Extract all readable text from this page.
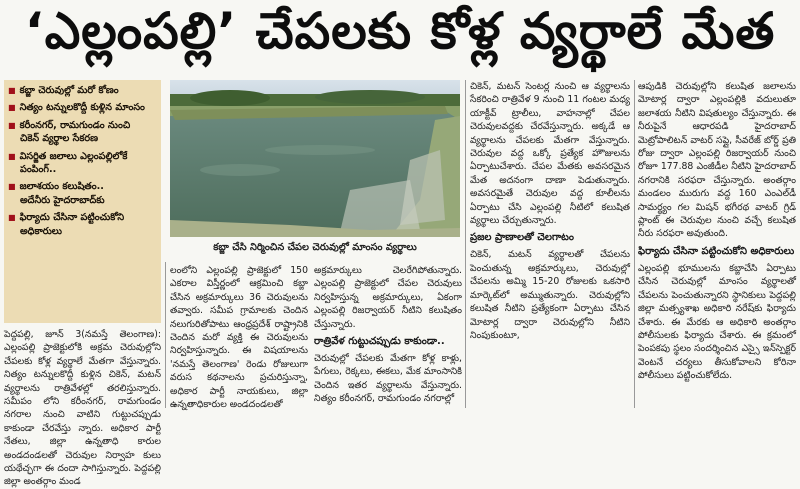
‘ఎల్లంపల్లి’ చేపలకు కోళ్ల వ్యర్థాలే మేత
■ కబ్జా చెరువుల్లో మరో కోణం
■ నిత్యం టన్నులకొద్దీ కుళ్లిన మాంసం
■ కరీంనగర్, రామగుండం నుంచి
చికెన్ వ్యర్థాల సేకరణ
■ విసర్జిత జలాలు ఎల్లంపల్లిలోకే
పంపింగ్..
■ జలాశయం కలుషితం..
అదేనీరు హైదరాబాద్‌కు
■ ఫిర్యాదు చేసినా పట్టించుకోని
అధికారులు
కబ్జా చేసి నిర్మించిన చేపల చెరువుల్లో మాంసం వ్యర్థాలు

పెద్దపల్లి, జూన్ 3(నమస్తే తెలంగాణ): ఎల్లంపల్లి ప్రాజెక్టులోకి అక్రమ చెరువుల్లోని చేపలకు కోళ్ల వ్యర్థాలే మేతగా వేస్తున్నారు. నిత్యం టన్నులకొద్దీ కుళ్లిన చికెన్, మటన్ వ్యర్థాలను రాత్రివేళల్లో తరలిస్తున్నారు. సమీపం లోని కరీంనగర్, రామగుండం నగరాల నుంచి వాటిని గుట్టుచప్పుడు కాకుండా చేరవేస్తు న్నారు. అధికార పార్టీ నేతలు, జిల్లా ఉన్నతాధి కారుల అండదండలతో చెరువుల నిర్వాహ కులు యథేచ్ఛగా ఈ దందా సాగిస్తున్నారు. పెద్దపల్లి జిల్లా అంతర్గాం మండ

లంలోని ఎల్లంపల్లి ప్రాజెక్టులో 150 ఎకరాల విస్తీర్ణంలో ఆక్రమించి కబ్జా చేసిన అక్రమార్కులు 36 చెరువులను తవ్వారు. సమీప గ్రామాలకు చెందిన నలుగురితోపాటు ఆంధ్రప్రదేశ్ రాష్ట్రానికి చెందిన మరో వ్యక్తి ఈ చెరువులను నిర్వహిస్తున్నారు. ఈ విషయాలను 'నమస్తే తెలంగాణ' రెండు రోజులుగా వరుస కథనాలను ప్రచురిస్తున్నా, అధికార పార్టీ నాయకులు, జిల్లా ఉన్నతాధికారుల అండదండలతో

అక్రమార్కులు చెలరేగిపోతున్నారు. ఎల్లంపల్లి ప్రాజెక్టులో చేపల చెరువులు నిర్వహిస్తున్న అక్రమార్కులు, ఏకంగా ఎల్లంపల్లి రిజర్వాయర్ నీటిని కలుషితం చేస్తున్నారు.

రాత్రివేళ గుట్టుచప్పుడు కాకుండా..

చెరువుల్లో చేపలకు మేతగా కోళ్ల కాళ్లు, పేగులు, రెక్కలు, ఈకలు, మేక మాంసానికి చెందిన ఇతర వ్యర్థాలను వేస్తున్నారు. నిత్యం కరీంనగర్, రామగుండం నగరాల్లో

చికెన్, మటన్ సెంటర్ల నుంచి ఆ వ్యర్థాలను సేకరించి రాత్రివేళ 9 నుంచి 11 గంటల మధ్య యాక్టీవ్ ట్రాలీలు, వాహనాల్లో చేపల చెరువులవద్దకు చేరవేస్తున్నారు. అక్కడే ఆ వ్యర్థాలను చేపలకు మేతగా వేస్తున్నారు. చెరువుల వద్ద ఒక్కో ప్రత్యేక హౌజులను ఏర్పాటుచేశారు. చేపల మేతకు అవసరమైన మేత అదనంగా దాణా పెడుతున్నారు. అవసరమైతే చెరువుల వద్ద కూలీలను ఏర్పాటు చేసి ఎల్లంపల్లి నీటిలో కలుషిత వ్యర్థాలు చేర్చుతున్నారు.

ప్రజల ప్రాణాలతో చెలగాటం

చికెన్, మటన్ వ్యర్థాలతో చేపలను పెంచుతున్న అక్రమార్కులు, చెరువుల్లో చేపలను అమ్మి 15-20 రోజులకు ఒకసారి మార్కెట్‌లో అమ్ముతున్నారు. చెరువుల్లోని కలుషిత నీటిని ప్రత్యేకంగా ఏర్పాటు చేసిన మోటార్ల ద్వారా చెరువుల్లోని నీటిని నింపుకుంటూ,

ఆపుడికి చెరువుల్లోని కలుషిత జలాలను మోటార్ల ద్వారా ఎల్లంపల్లికి వదులుతూ జలాశయ నీటిని విషతుల్యం చేస్తున్నారు. ఈ నీరుపైనే ఆధారపడి హైదరాబాద్ మెట్రోపాలిటన్ వాటర్ సప్లై, సీవరేజ్ బోర్డ్ ప్రతి రోజు ద్వారా ఎల్లంపల్లి రిజర్వాయర్ నుంచి రోజూ 177.88 ఎంజీడీల నీటిని హైదరాబాద్ నగరానికి సరఫరా చేస్తున్నారు. అంతర్గాం మండలం మురుగు వద్ద 160 ఎంఎల్‌డీ సామర్థ్యం గల మిషన్ భగీరథ వాటర్ గ్రిడ్ ప్లాంట్ ఈ చెరువుల నుంచి వచ్చే కలుషిత నీరు సరఫరా అవుతుంది.

ఫిర్యాదు చేసినా పట్టించుకోని అధికారులు

ఎల్లంపల్లి భూములను కబ్జాచేసి ఏర్పాటు చేసిన చెరువుల్లో మాంసం వ్యర్థాలతో చేపలను పెంచుతున్నారని స్థానికులు పెద్దపల్లి జిల్లా మత్స్యశాఖ అధికారి నరేష్‌కు ఫిర్యాదు చేశారు. ఈ మేరకు ఆ అధికారి అంతర్గాం పోలీసులకు ఫిర్యాదు చేశారు. ఈ క్రమంలో పెంపకపు స్థలం సందర్శించిన ఎస్సై ఇన్‌స్పెక్టర్ వెంటనే చర్యలు తీసుకోవాలని కోరినా పోలీసులు పట్టించుకోలేదు.
